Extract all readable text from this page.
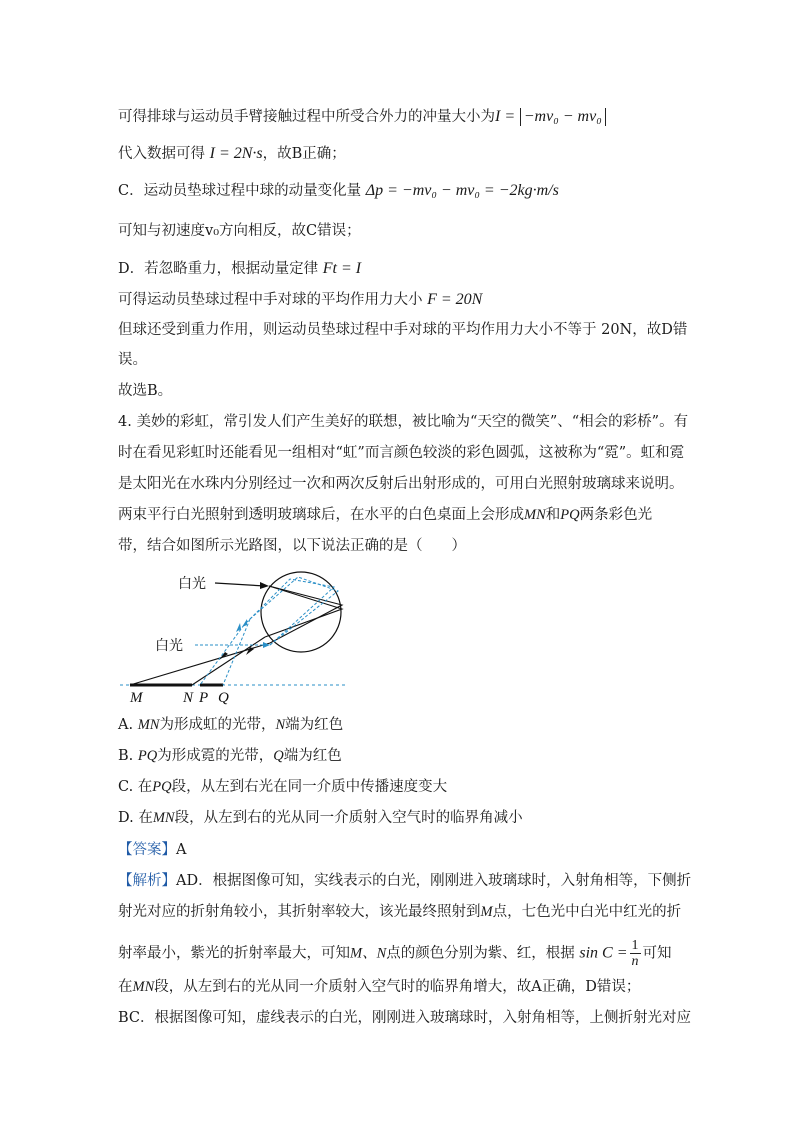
可得排球与运动员手臂接触过程中所受合外力的冲量大小为I = −mv₀ − mv₀
代入数据可得 I = 2N·s，故B正确；
C．运动员垫球过程中球的动量变化量 Δp = −mv₀ − mv₀ = −2kg·m/s
可知与初速度v₀方向相反，故C错误；
D．若忽略重力，根据动量定律 Ft = I
可得运动员垫球过程中手对球的平均作用力大小 F = 20N
但球还受到重力作用，则运动员垫球过程中手对球的平均作用力大小不等于 20N，故D错
误。
故选B。
4. 美妙的彩虹，常引发人们产生美好的联想，被比喻为“天空的微笑”、“相会的彩桥”。有
时在看见彩虹时还能看见一组相对“虹”而言颜色较淡的彩色圆弧，这被称为“霓”。虹和霓
是太阳光在水珠内分别经过一次和两次反射后出射形成的，可用白光照射玻璃球来说明。
两束平行白光照射到透明玻璃球后，在水平的白色桌面上会形成MN和PQ两条彩色光
带，结合如图所示光路图，以下说法正确的是（　　）
白光
白光
M	N P Q
A. MN为形成虹的光带，N端为红色
B. PQ为形成霓的光带，Q端为红色
C. 在PQ段，从左到右光在同一介质中传播速度变大
D. 在MN段，从左到右的光从同一介质射入空气时的临界角减小
【答案】A
【解析】AD．根据图像可知，实线表示的白光，刚刚进入玻璃球时，入射角相等，下侧折
射光对应的折射角较小，其折射率较大，该光最终照射到M点，七色光中白光中红光的折
射率最小，紫光的折射率最大，可知M、N点的颜色分别为紫、红，根据 $\sin C = \frac{1}{n}$ 可知
在MN段，从左到右的光从同一介质射入空气时的临界角增大，故A正确，D错误；
BC．根据图像可知，虚线表示的白光，刚刚进入玻璃球时，入射角相等，上侧折射光对应
